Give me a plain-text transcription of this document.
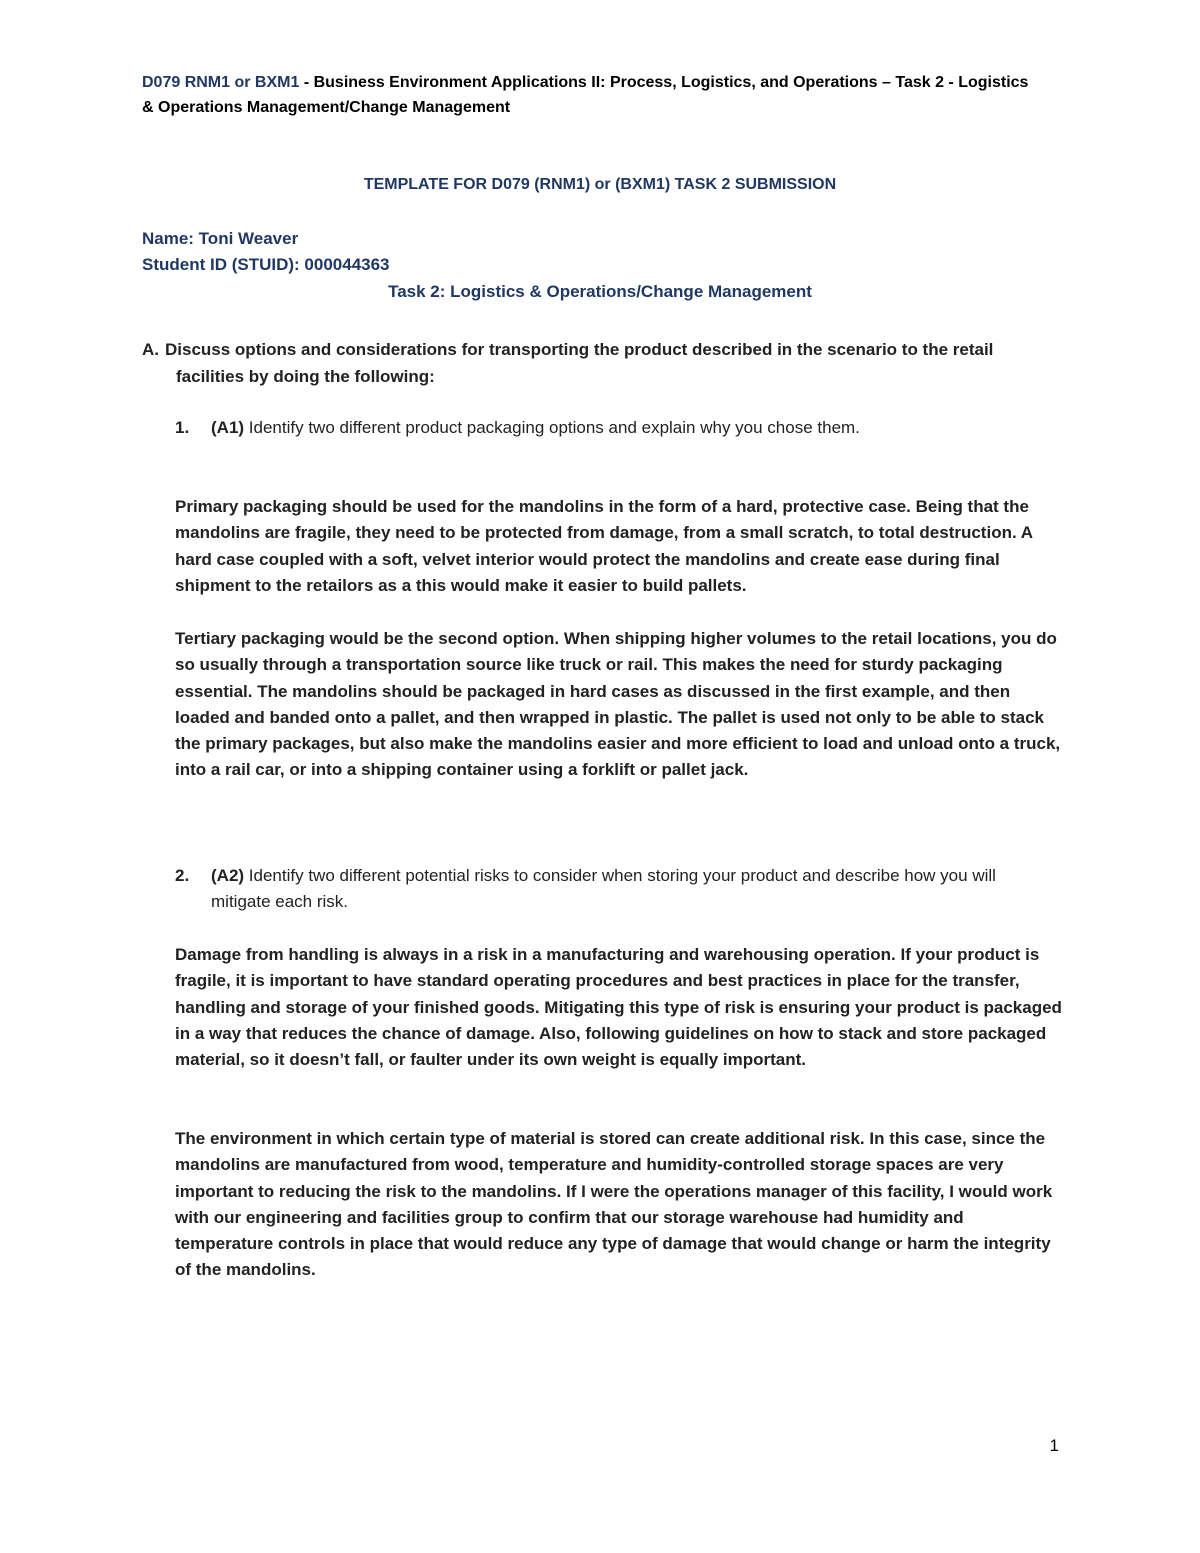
D079 RNM1 or BXM1 - Business Environment Applications II: Process, Logistics, and Operations – Task 2 - Logistics
& Operations Management/Change Management
TEMPLATE FOR D079 (RNM1) or (BXM1) TASK 2 SUBMISSION
Name: Toni Weaver
Student ID (STUID): 000044363
Task 2: Logistics & Operations/Change Management
A. Discuss options and considerations for transporting the product described in the scenario to the retail facilities by doing the following:
1. (A1) Identify two different product packaging options and explain why you chose them.

Primary packaging should be used for the mandolins in the form of a hard, protective case. Being that the mandolins are fragile, they need to be protected from damage, from a small scratch, to total destruction. A hard case coupled with a soft, velvet interior would protect the mandolins and create ease during final shipment to the retailors as a this would make it easier to build pallets.

Tertiary packaging would be the second option. When shipping higher volumes to the retail locations, you do so usually through a transportation source like truck or rail. This makes the need for sturdy packaging essential. The mandolins should be packaged in hard cases as discussed in the first example, and then loaded and banded onto a pallet, and then wrapped in plastic. The pallet is used not only to be able to stack the primary packages, but also make the mandolins easier and more efficient to load and unload onto a truck, into a rail car, or into a shipping container using a forklift or pallet jack.

2. (A2) Identify two different potential risks to consider when storing your product and describe how you will mitigate each risk.

Damage from handling is always in a risk in a manufacturing and warehousing operation. If your product is fragile, it is important to have standard operating procedures and best practices in place for the transfer, handling and storage of your finished goods. Mitigating this type of risk is ensuring your product is packaged in a way that reduces the chance of damage. Also, following guidelines on how to stack and store packaged material, so it doesn’t fall, or faulter under its own weight is equally important.

The environment in which certain type of material is stored can create additional risk. In this case, since the mandolins are manufactured from wood, temperature and humidity-controlled storage spaces are very important to reducing the risk to the mandolins. If I were the operations manager of this facility, I would work with our engineering and facilities group to confirm that our storage warehouse had humidity and temperature controls in place that would reduce any type of damage that would change or harm the integrity of the mandolins.

1
